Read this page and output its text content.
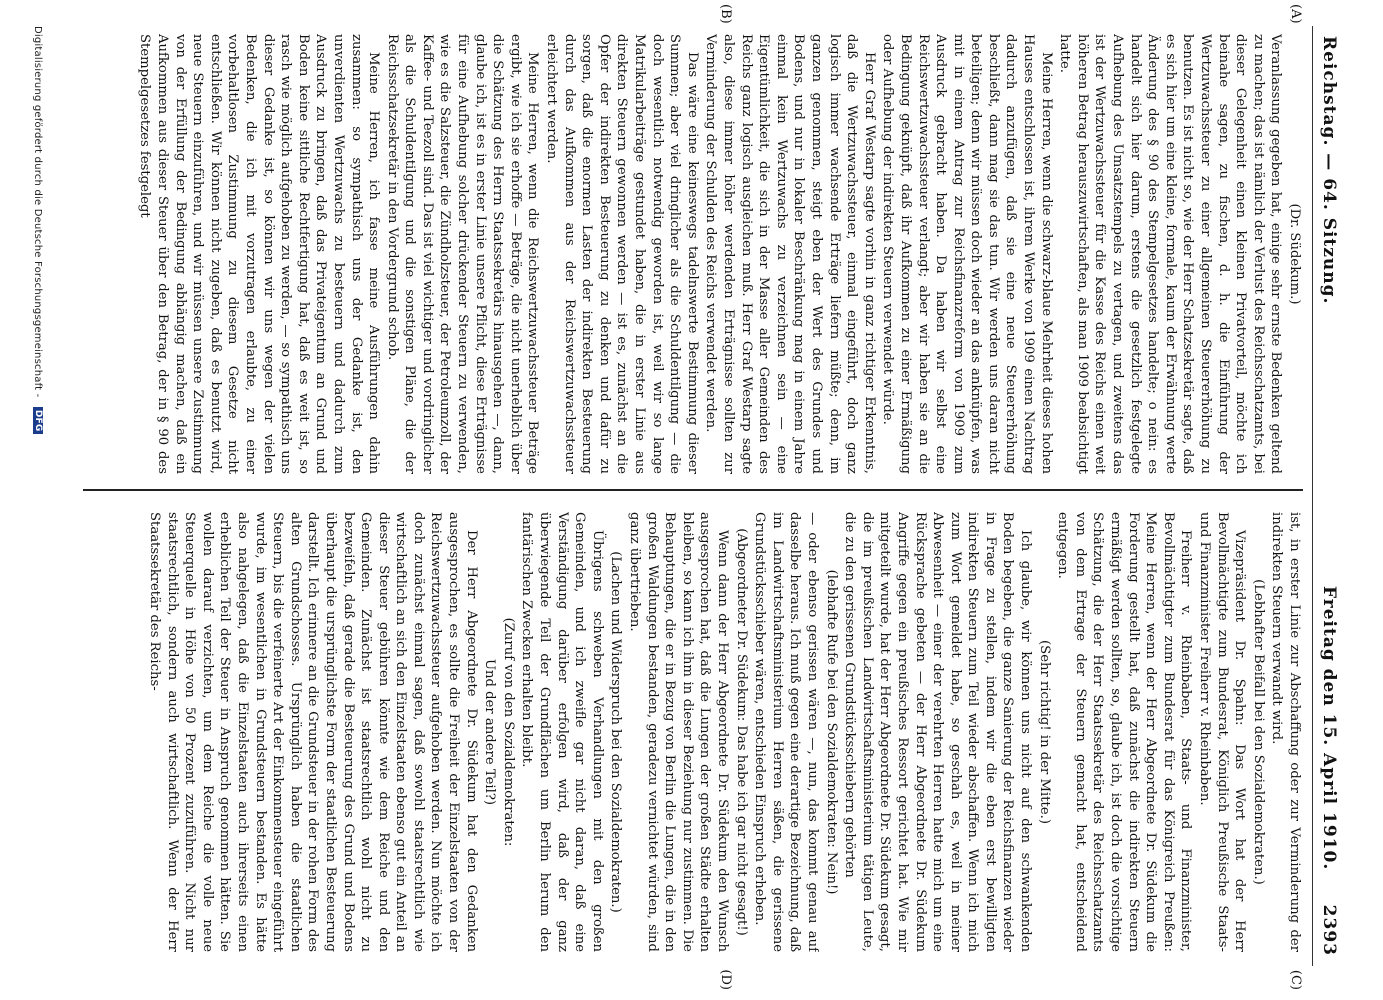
Reichstag. — 64. Sitzung.
Freitag den 15. April 1910.
2393
(A)
(B)
(C)
(D)

(Dr. Südekum.)

Veranlassung gegeben hat, einige sehr ernste Bedenken geltend zu machen; das ist nämlich der Verlust des Reichsschatzamts, bei dieser Gelegenheit einen kleinen Privatvorteil, möchte ich beinahe sagen, zu fischen, d. h. die Einführung der Wertzuwachssteuer zu einer allgemeinen Steuererhöhung zu benutzen. Es ist nicht so, wie der Herr Schatzsekretär sagte, daß es sich hier um eine kleine, formale, kaum der Erwähnung werte Änderung des § 90 des Stempelgesetzes handelte; o nein: es handelt sich hier darum, erstens die gesetzlich festgelegte Aufhebung des Umsatzstempels zu vertagen, und zweitens das ist der Wertzuwachssteuer für die Kasse des Reichs einen weit höheren Betrag herauszuwirtschaften, als man 1909 beabsichtigt hatte.

Meine Herren, wenn die schwarz-blaue Mehrheit dieses hohen Hauses entschlossen ist, ihrem Werke von 1909 einen Nachtrag dadurch anzufügen, daß sie eine neue Steuererhöhung beschließt, dann mag sie das tun. Wir werden uns daran nicht beteiligen; denn wir müssen doch wieder an das anknüpfen, was mit in einem Antrag zur Reichsfinanzreform von 1909 zum Ausdruck gebracht haben. Da haben wir selbst eine Reichswertzuwachssteuer verlangt; aber wir haben sie an die Bedingung geknüpft, daß ihr Aufkommen zu einer Ermäßigung oder Aufhebung der indirekten Steuern verwendet würde.

Herr Graf Westarp sagte vorhin in ganz richtiger Erkenntnis, daß die Wertzuwachssteuer, einmal eingeführt, doch ganz logisch immer wachsende Erträge liefern müßte; denn, im ganzen genommen, steigt eben der Wert des Grundes und Bodens, und nur in lokaler Beschränkung mag in einem Jahre einmal kein Wertzuwachs zu verzeichnen sein — eine Eigentümlichkeit, die sich in der Masse aller Gemeinden des Reichs ganz logisch ausgleichen muß. Herr Graf Westarp sagte also, diese immer höher werdenden Erträgnisse sollten zur Verminderung der Schulden des Reichs verwendet werden.

Das wäre eine keineswegs tadelnswerte Bestimmung dieser Summen; aber viel dringlicher als die Schuldentilgung — die doch wesentlich notwendig geworden ist, weil wir so lange Matrikularbeiträge gestundet haben, die in erster Linie aus direkten Steuern gewonnen werden — ist es, zunächst an die Opfer der indirekten Besteuerung zu denken und dafür zu sorgen, daß die enormen Lasten der indirekten Besteuerung durch das Aufkommen aus der Reichswertzuwachssteuer erleichtert werden.

Meine Herren, wenn die Reichswertzuwachssteuer Beträge ergibt, wie ich sie erhoffe — Beträge, die nicht unerheblich über die Schätzung des Herrn Staatssekretärs hinausgehen —, dann, glaube ich, ist es in erster Linie unsere Pflicht, diese Erträgnisse für eine Aufhebung solcher drückender Steuern zu verwenden, wie es die Salzsteuer, die Zündholzsteuer, der Petroleumzoll, der Kaffee- und Teezoll sind. Das ist viel wichtiger und vordringlicher als die Schuldentilgung und die sonstigen Pläne, die der Reichsschatzsekretär in den Vordergrund schob.

Meine Herren, ich fasse meine Ausführungen dahin zusammen: so sympathisch uns der Gedanke ist, den unverdienten Wertzuwachs zu besteuern und dadurch zum Ausdruck zu bringen, daß das Privateigentum an Grund und Boden keine sittliche Rechtfertigung hat, daß es weit ist, so rasch wie möglich aufgehoben zu werden, — so sympathisch uns dieser Gedanke ist, so können wir uns wegen der vielen Bedenken, die ich mit vorzutragen erlaubte, zu einer vorbehaltlosen Zustimmung zu diesem Gesetze nicht entschließen. Wir können nicht zugeben, daß es benutzt wird, neue Steuern einzuführen, und wir müssen unsere Zustimmung von der Erfüllung der Bedingung abhängig machen, daß ein Aufkommen aus dieser Steuer über den Betrag, der in § 90 des Stempelgesetzes festgelegt

ist, in erster Linie zur Abschaffung oder zur Verminderung der indirekten Steuern verwandt wird.

(Lebhafter Beifall bei den Sozialdemokraten.)

Vizepräsident Dr. Spahn: Das Wort hat der Herr Bevollmächtigte zum Bundesrat, Königlich Preußische Staats- und Finanzminister Freiherr v. Rheinbaben.

Freiherr v. Rheinbaben, Staats- und Finanzminister, Bevollmächtigter zum Bundesrat für das Königreich Preußen: Meine Herren, wenn der Herr Abgeordnete Dr. Südekum die Forderung gestellt hat, daß zunächst die indirekten Steuern ermäßigt werden sollten, so, glaube ich, ist doch die vorsichtige Schätzung, die der Herr Staatssekretär des Reichsschatzamts von dem Ertrage der Steuern gemacht hat, entscheidend entgegen.

(Sehr richtig! in der Mitte.)

Ich glaube, wir können uns nicht auf den schwankenden Boden begeben, die ganze Sanierung der Reichsfinanzen wieder in Frage zu stellen, indem wir die eben erst bewilligten indirekten Steuern zum Teil wieder abschaffen. Wenn ich mich zum Wort gemeldet habe, so geschah es, weil in meiner Abwesenheit — einer der verehrten Herren hatte mich um eine Rücksprache gebeten — der Herr Abgeordnete Dr. Südekum Angriffe gegen ein preußisches Ressort gerichtet hat. Wie mir mitgeteilt wurde, hat der Herr Abgeordnete Dr. Südekum gesagt, die im preußischen Landwirtschaftsministerium tätigen Leute, die zu den gerissenen Grundstücksschiebern gehörten

(lebhafte Rufe bei den Sozialdemokraten: Nein!)

— oder ebenso gerissen wären —, nun, das kommt genau auf dasselbe heraus. Ich muß gegen eine derartige Bezeichnung, daß im Landwirtschaftsministerium Herren säßen, die gerissene Grundstücksschieber wären, entschieden Einspruch erheben.

(Abgeordneter Dr. Südekum: Das habe ich gar nicht gesagt!)

Wenn dann der Herr Abgeordnete Dr. Südekum den Wunsch ausgesprochen hat, daß die Lungen der großen Städte erhalten bleiben, so kann ich ihm in dieser Beziehung nur zustimmen. Die Behauptungen, die er in Bezug von Berlin die Lungen, die in den großen Waldungen bestanden, geradezu vernichtet würden, sind ganz übertrieben.

(Lachen und Widerspruch bei den Sozialdemokraten.)

Übrigens schweben Verhandlungen mit den großen Gemeinden, und ich zweifle gar nicht daran, daß eine Verständigung darüber erfolgen wird, daß der ganz überwiegende Teil der Grundflächen um Berlin herum den fantärischen Zwecken erhalten bleibt.

(Zuruf von den Sozialdemokraten:

Und der andere Teil?)

Der Herr Abgeordnete Dr. Südekum hat den Gedanken ausgesprochen, es sollte die Freiheit der Einzelstaaten von der Reichswertzuwachssteuer aufgehoben werden. Nun möchte ich doch zunächst einmal sagen, daß sowohl staatsrechtlich wie wirtschaftlich an sich den Einzelstaaten ebenso gut ein Anteil an dieser Steuer gebühren könnte wie dem Reiche und den Gemeinden. Zunächst ist staatsrechtlich wohl nicht zu bezweifeln, daß gerade die Besteuerung des Grund und Bodens überhaupt die ursprünglichste Form der staatlichen Besteuerung darstellt. Ich erinnere an die Grundsteuer in der rohen Form des alten Grundschosses. Ursprünglich haben die staatlichen Steuern, bis die verfeinerte Art der Einkommensteuer eingeführt wurde, im wesentlichen in Grundsteuern bestanden. Es hätte also nahgelegen, daß die Einzelstaaten auch ihrerseits einen erheblichen Teil der Steuer in Anspruch genommen hätten. Sie wollen darauf verzichten, um dem Reiche die volle neue Steuerquelle in Höhe von 50 Prozent zuzuführen. Nicht nur staatsrechtlich, sondern auch wirtschaftlich. Wenn der Herr Staatssekretär des Reichs-

Digitalisierung gefördert durch die Deutsche Forschungsgemeinschaft - DFG
